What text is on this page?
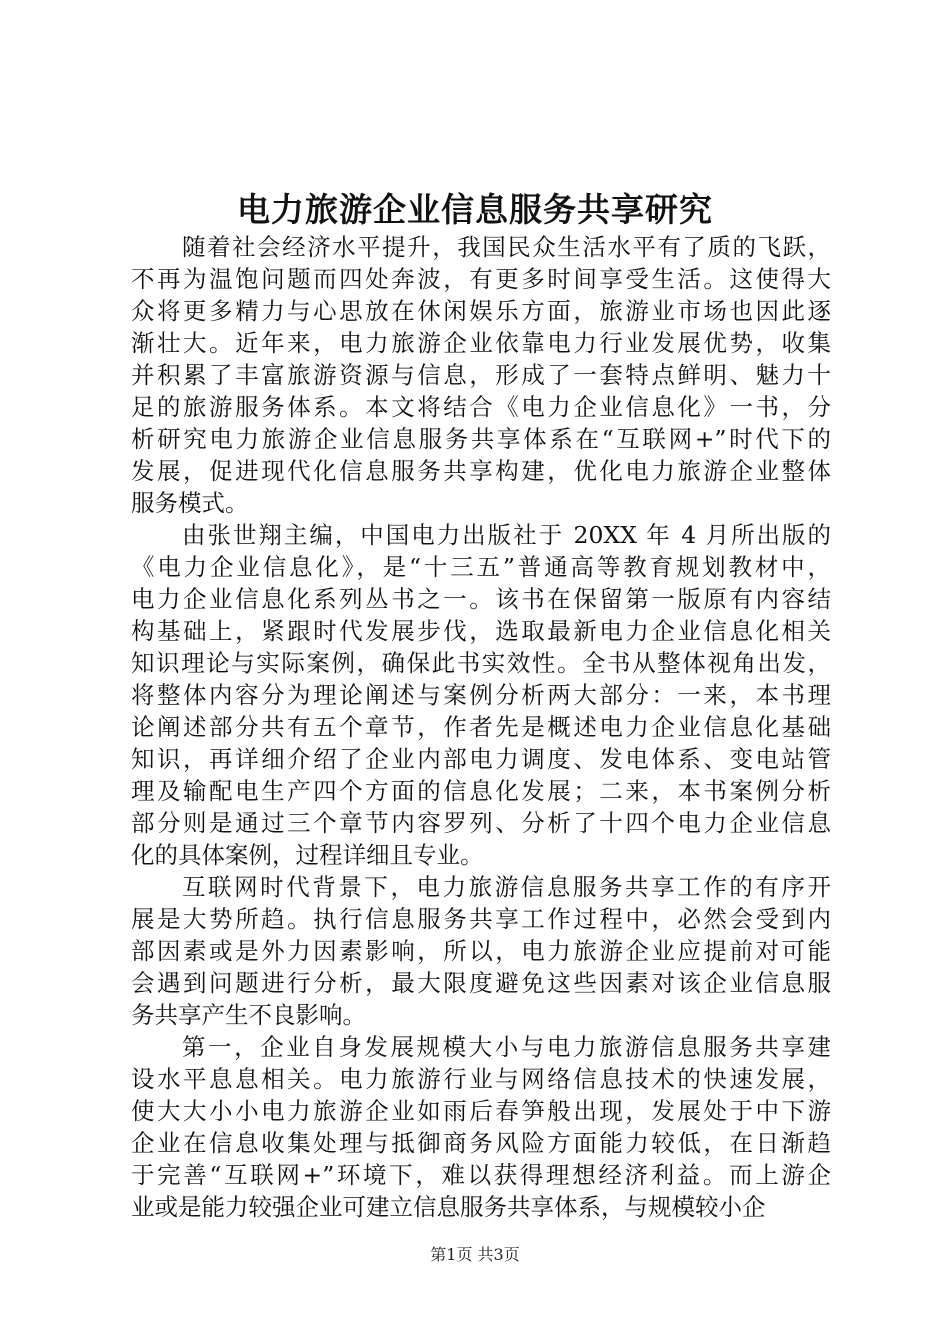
电力旅游企业信息服务共享研究
随着社会经济水平提升，我国民众生活水平有了质的飞跃，
不再为温饱问题而四处奔波，有更多时间享受生活。这使得大
众将更多精力与心思放在休闲娱乐方面，旅游业市场也因此逐
渐壮大。近年来，电力旅游企业依靠电力行业发展优势，收集
并积累了丰富旅游资源与信息，形成了一套特点鲜明、魅力十
足的旅游服务体系。本文将结合《电力企业信息化》一书，分
析研究电力旅游企业信息服务共享体系在“互联网+”时代下的
发展，促进现代化信息服务共享构建，优化电力旅游企业整体
服务模式。
由张世翔主编，中国电力出版社于 20XX 年 4 月所出版的
《电力企业信息化》，是“十三五”普通高等教育规划教材中，
电力企业信息化系列丛书之一。该书在保留第一版原有内容结
构基础上，紧跟时代发展步伐，选取最新电力企业信息化相关
知识理论与实际案例，确保此书实效性。全书从整体视角出发，
将整体内容分为理论阐述与案例分析两大部分：一来，本书理
论阐述部分共有五个章节，作者先是概述电力企业信息化基础
知识，再详细介绍了企业内部电力调度、发电体系、变电站管
理及输配电生产四个方面的信息化发展；二来，本书案例分析
部分则是通过三个章节内容罗列、分析了十四个电力企业信息
化的具体案例，过程详细且专业。
互联网时代背景下，电力旅游信息服务共享工作的有序开
展是大势所趋。执行信息服务共享工作过程中，必然会受到内
部因素或是外力因素影响，所以，电力旅游企业应提前对可能
会遇到问题进行分析，最大限度避免这些因素对该企业信息服
务共享产生不良影响。
第一，企业自身发展规模大小与电力旅游信息服务共享建
设水平息息相关。电力旅游行业与网络信息技术的快速发展，
使大大小小电力旅游企业如雨后春笋般出现，发展处于中下游
企业在信息收集处理与抵御商务风险方面能力较低，在日渐趋
于完善“互联网+”环境下，难以获得理想经济利益。而上游企
业或是能力较强企业可建立信息服务共享体系，与规模较小企
第1页 共3页
